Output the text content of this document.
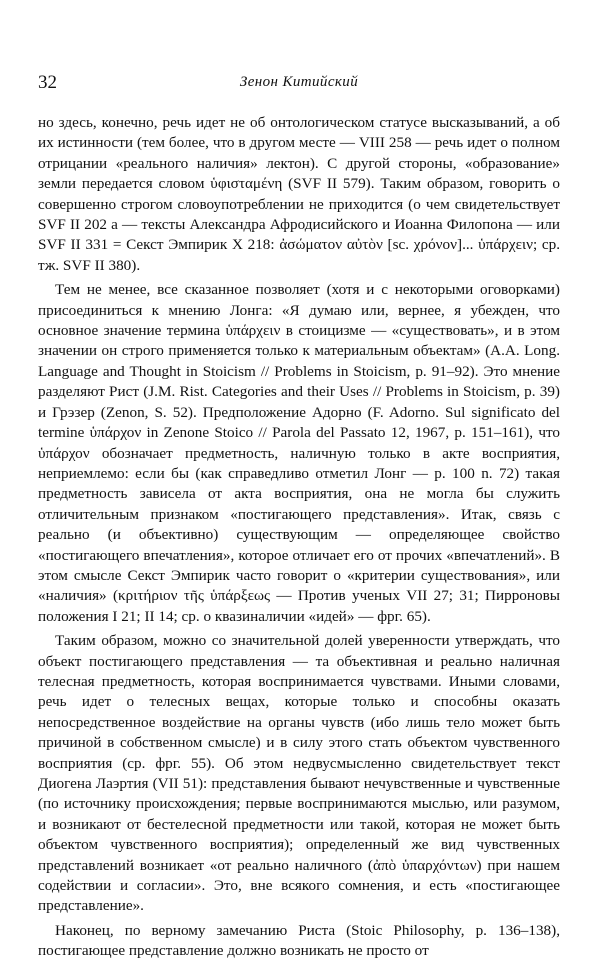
32	Зенон Китийский

но здесь, конечно, речь идет не об онтологическом статусе высказываний, а об их истинности (тем более, что в другом месте — VIII 258 — речь идет о полном отрицании «реального наличия» лектон). С другой стороны, «образование» земли передается словом ὑφισταμένη (SVF II 579). Таким образом, говорить о совершенно строгом словоупотреблении не приходится (о чем свидетельствует SVF II 202 a — тексты Александра Афродисийского и Иоанна Филопона — или SVF II 331 = Секст Эмпирик X 218: ἀσώματον αὐτὸν [sc. χρόνον]... ὑπάρχειν; ср. тж. SVF II 380).

Тем не менее, все сказанное позволяет (хотя и с некоторыми оговорками) присоединиться к мнению Лонга: «Я думаю или, вернее, я убежден, что основное значение термина ὑπάρχειν в стоицизме — «существовать», и в этом значении он строго применяется только к материальным объектам» (A.A. Long. Language and Thought in Stoicism // Problems in Stoicism, p. 91–92). Это мнение разделяют Рист (J.M. Rist. Categories and their Uses // Problems in Stoicism, p. 39) и Грэзер (Zenon, S. 52). Предположение Адорно (F. Adorno. Sul significato del termine ὑπάρχον in Zenone Stoico // Parola del Passato 12, 1967, p. 151–161), что ὑπάρχον обозначает предметность, наличную только в акте восприятия, неприемлемо: если бы (как справедливо отметил Лонг — p. 100 n. 72) такая предметность зависела от акта восприятия, она не могла бы служить отличительным признаком «постигающего представления». Итак, связь с реально (и объективно) существующим — определяющее свойство «постигающего впечатления», которое отличает его от прочих «впечатлений». В этом смысле Секст Эмпирик часто говорит о «критерии существования», или «наличия» (κριτήριον τῆς ὑπάρξεως — Против ученых VII 27; 31; Пирроновы положения I 21; II 14; ср. о квазиналичии «идей» — фрг. 65).

Таким образом, можно со значительной долей уверенности утверждать, что объект постигающего представления — та объективная и реально наличная телесная предметность, которая воспринимается чувствами. Иными словами, речь идет о телесных вещах, которые только и способны оказать непосредственное воздействие на органы чувств (ибо лишь тело может быть причиной в собственном смысле) и в силу этого стать объектом чувственного восприятия (ср. фрг. 55). Об этом недвусмысленно свидетельствует текст Диогена Лаэртия (VII 51): представления бывают нечувственные и чувственные (по источнику происхождения; первые воспринимаются мыслью, или разумом, и возникают от бестелесной предметности или такой, которая не может быть объектом чувственного восприятия); определенный же вид чувственных представлений возникает «от реально наличного (ἀπὸ ὑπαρχόντων) при нашем содействии и согласии». Это, вне всякого сомнения, и есть «постигающее представление».

Наконец, по верному замечанию Риста (Stoic Philosophy, p. 136–138), постигающее представление должно возникать не просто от
